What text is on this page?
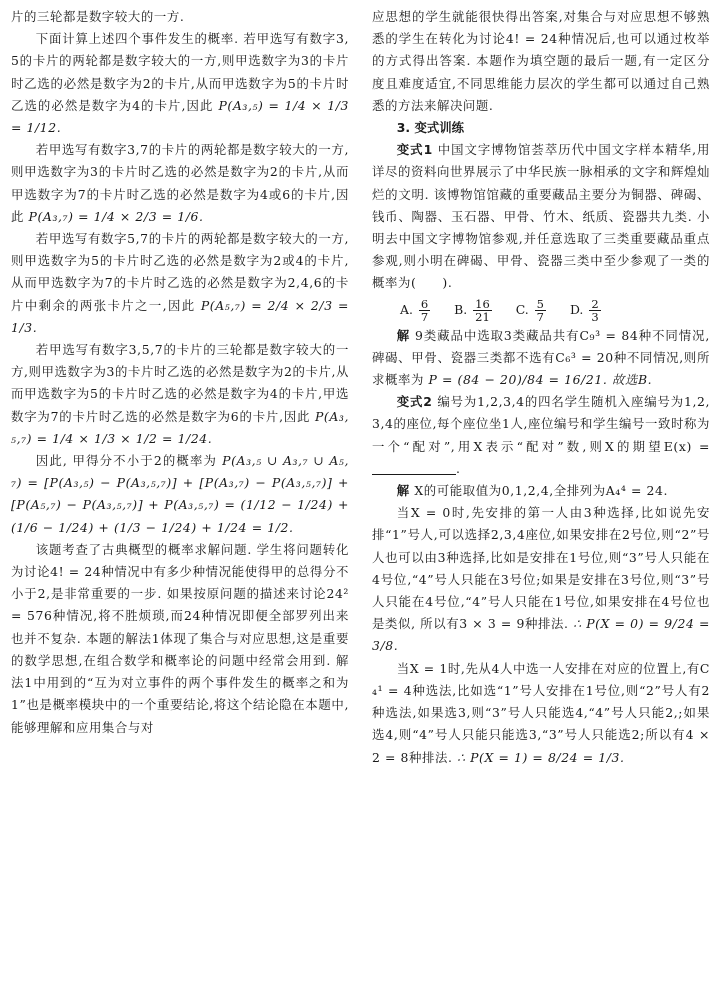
片的三轮都是数字较大的一方.

下面计算上述四个事件发生的概率. 若甲选写有数字3,5的卡片的两轮都是数字较大的一方,则甲选数字为3的卡片时乙选的必然是数字为2的卡片,从而甲选数字为5的卡片时乙选的必然是数字为4的卡片,因此 P(A₃,₅) = 1/4 × 1/3 = 1/12.

若甲选写有数字3,7的卡片的两轮都是数字较大的一方,则甲选数字为3的卡片时乙选的必然是数字为2的卡片,从而甲选数字为7的卡片时乙选的必然是数字为4或6的卡片,因此 P(A₃,₇) = 1/4 × 2/3 = 1/6.

若甲选写有数字5,7的卡片的两轮都是数字较大的一方,则甲选数字为5的卡片时乙选的必然是数字为2或4的卡片,从而甲选数字为7的卡片时乙选的必然是数字为2,4,6的卡片中剩余的两张卡片之一,因此 P(A₅,₇) = 2/4 × 2/3 = 1/3.

若甲选写有数字3,5,7的卡片的三轮都是数字较大的一方,则甲选数字为3的卡片时乙选的必然是数字为2的卡片,从而甲选数字为5的卡片时乙选的必然是数字为4的卡片,甲选数字为7的卡片时乙选的必然是数字为6的卡片,因此 P(A₃,₅,₇) = 1/4 × 1/3 × 1/2 = 1/24.

因此, 甲得分不小于2的概率为 P(A₃,₅ ∪ A₃,₇ ∪ A₅,₇) = [P(A₃,₅) − P(A₃,₅,₇)] + [P(A₃,₇) − P(A₃,₅,₇)] + [P(A₅,₇) − P(A₃,₅,₇)] + P(A₃,₅,₇) = (1/12 − 1/24) + (1/6 − 1/24) + (1/3 − 1/24) + 1/24 = 1/2.

该题考查了古典概型的概率求解问题. 学生将问题转化为讨论4! = 24种情况中有多少种情况能使得甲的总得分不小于2,是非常重要的一步. 如果按原问题的描述来讨论24² = 576种情况,将不胜烦琐,而24种情况即便全部罗列出来也并不复杂. 本题的解法1体现了集合与对应思想,这是重要的数学思想,在组合数学和概率论的问题中经常会用到. 解法1中用到的“互为对立事件的两个事件发生的概率之和为1”也是概率模块中的一个重要结论,将这个结论隐在本题中,能够理解和应用集合与对

应思想的学生就能很快得出答案,对集合与对应思想不够熟悉的学生在转化为讨论4! = 24种情况后,也可以通过枚举的方式得出答案. 本题作为填空题的最后一题,有一定区分度且难度适宜,不同思维能力层次的学生都可以通过自己熟悉的方法来解决问题.

3. 变式训练

变式1 中国文字博物馆荟萃历代中国文字样本精华,用详尽的资料向世界展示了中华民族一脉相承的文字和辉煌灿烂的文明. 该博物馆馆藏的重要藏品主要分为铜器、碑碣、钱币、陶器、玉石器、甲骨、竹木、纸质、瓷器共九类. 小明去中国文字博物馆参观,并任意选取了三类重要藏品重点参观,则小明在碑碣、甲骨、瓷器三类中至少参观了一类的概率为(　　).

A. $\frac{6}{7} B$. $\frac{16}{21} C$. $\frac{5}{7} D$. $\frac{2}{3}$

解 9类藏品中选取3类藏品共有C₉³ = 84种不同情况,碑碣、甲骨、瓷器三类都不选有C₆³ = 20种不同情况,则所求概率为 P = (84 − 20)/84 = 16/21. 故选B.

变式2 编号为1,2,3,4的四名学生随机入座编号为1,2,3,4的座位,每个座位坐1人,座位编号和学生编号一致时称为一个“配对”,用X表示“配对”数,则X的期望E(x) = .

解 X的可能取值为0,1,2,4,全排列为A₄⁴ = 24.

当X = 0时,先安排的第一人由3种选择,比如说先安排“1”号人,可以选择2,3,4座位,如果安排在2号位,则“2”号人也可以由3种选择,比如是安排在1号位,则“3”号人只能在4号位,“4”号人只能在3号位;如果是安排在3号位,则“3”号人只能在4号位,“4”号人只能在1号位,如果安排在4号位也是类似, 所以有3 × 3 = 9种排法. ∴ P(X = 0) = 9/24 = 3/8.

当X = 1时,先从4人中选一人安排在对应的位置上,有C₄¹ = 4种选法,比如选“1”号人安排在1号位,则“2”号人有2种选法,如果选3,则“3”号人只能选4,“4”号人只能2,;如果选4,则“4”号人只能只能选3,“3”号人只能选2;所以有4 × 2 = 8种排法. ∴ P(X = 1) = 8/24 = 1/3.
